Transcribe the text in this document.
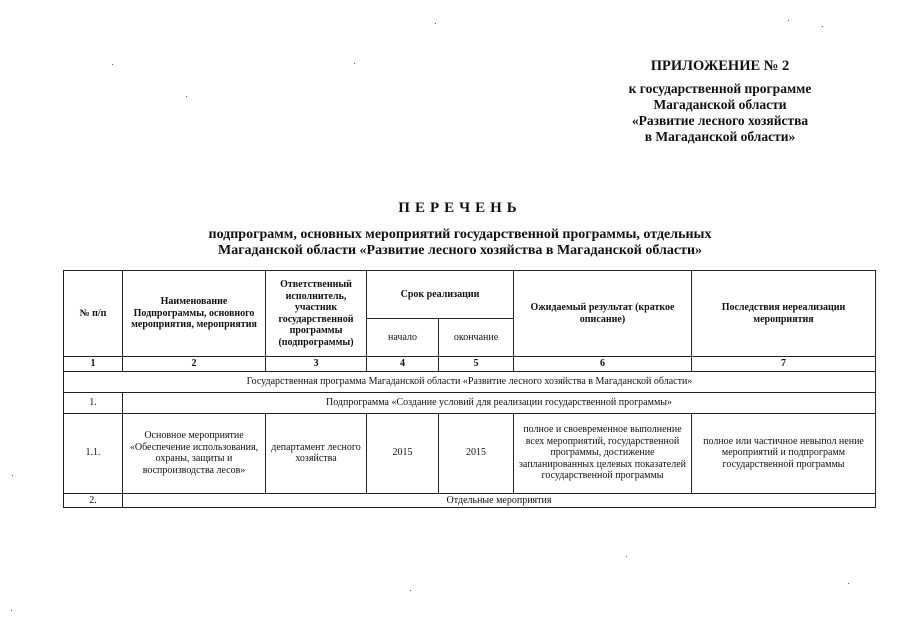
ПРИЛОЖЕНИЕ № 2
к государственной программе
Магаданской области
«Развитие лесного хозяйства
в Магаданской области»
ПЕРЕЧЕНЬ
подпрограмм, основных мероприятий государственной программы, отдельных
Магаданской области «Развитие лесного хозяйства в Магаданской области»
№ п/п	Наименование Подпрограммы, основного мероприятия, мероприятия	Ответственный исполнитель, участник государственной программы (подпрограммы)	Срок реализации		Ожидаемый результат (краткое описание)	Последствия нереализации мероприятия
			начало	окончание		
1	2	3	4	5	6	7
Государственная программа Магаданской области «Развитие лесного хозяйства в Магаданской области»						
1.	Подпрограмма «Создание условий для реализации государственной программы»					
1.1.	Основное мероприятие «Обеспечение использования, охраны, защиты и воспроизводства лесов»	департамент лесного хозяйства	2015	2015	полное и своевременное выполнение всех мероприятий, государственной программы, достижение запланированных целевых показателей государственной программы	полное или частичное невыпол нение мероприятий и подпрограмм государственной программы
2.	Отдельные мероприятия					
